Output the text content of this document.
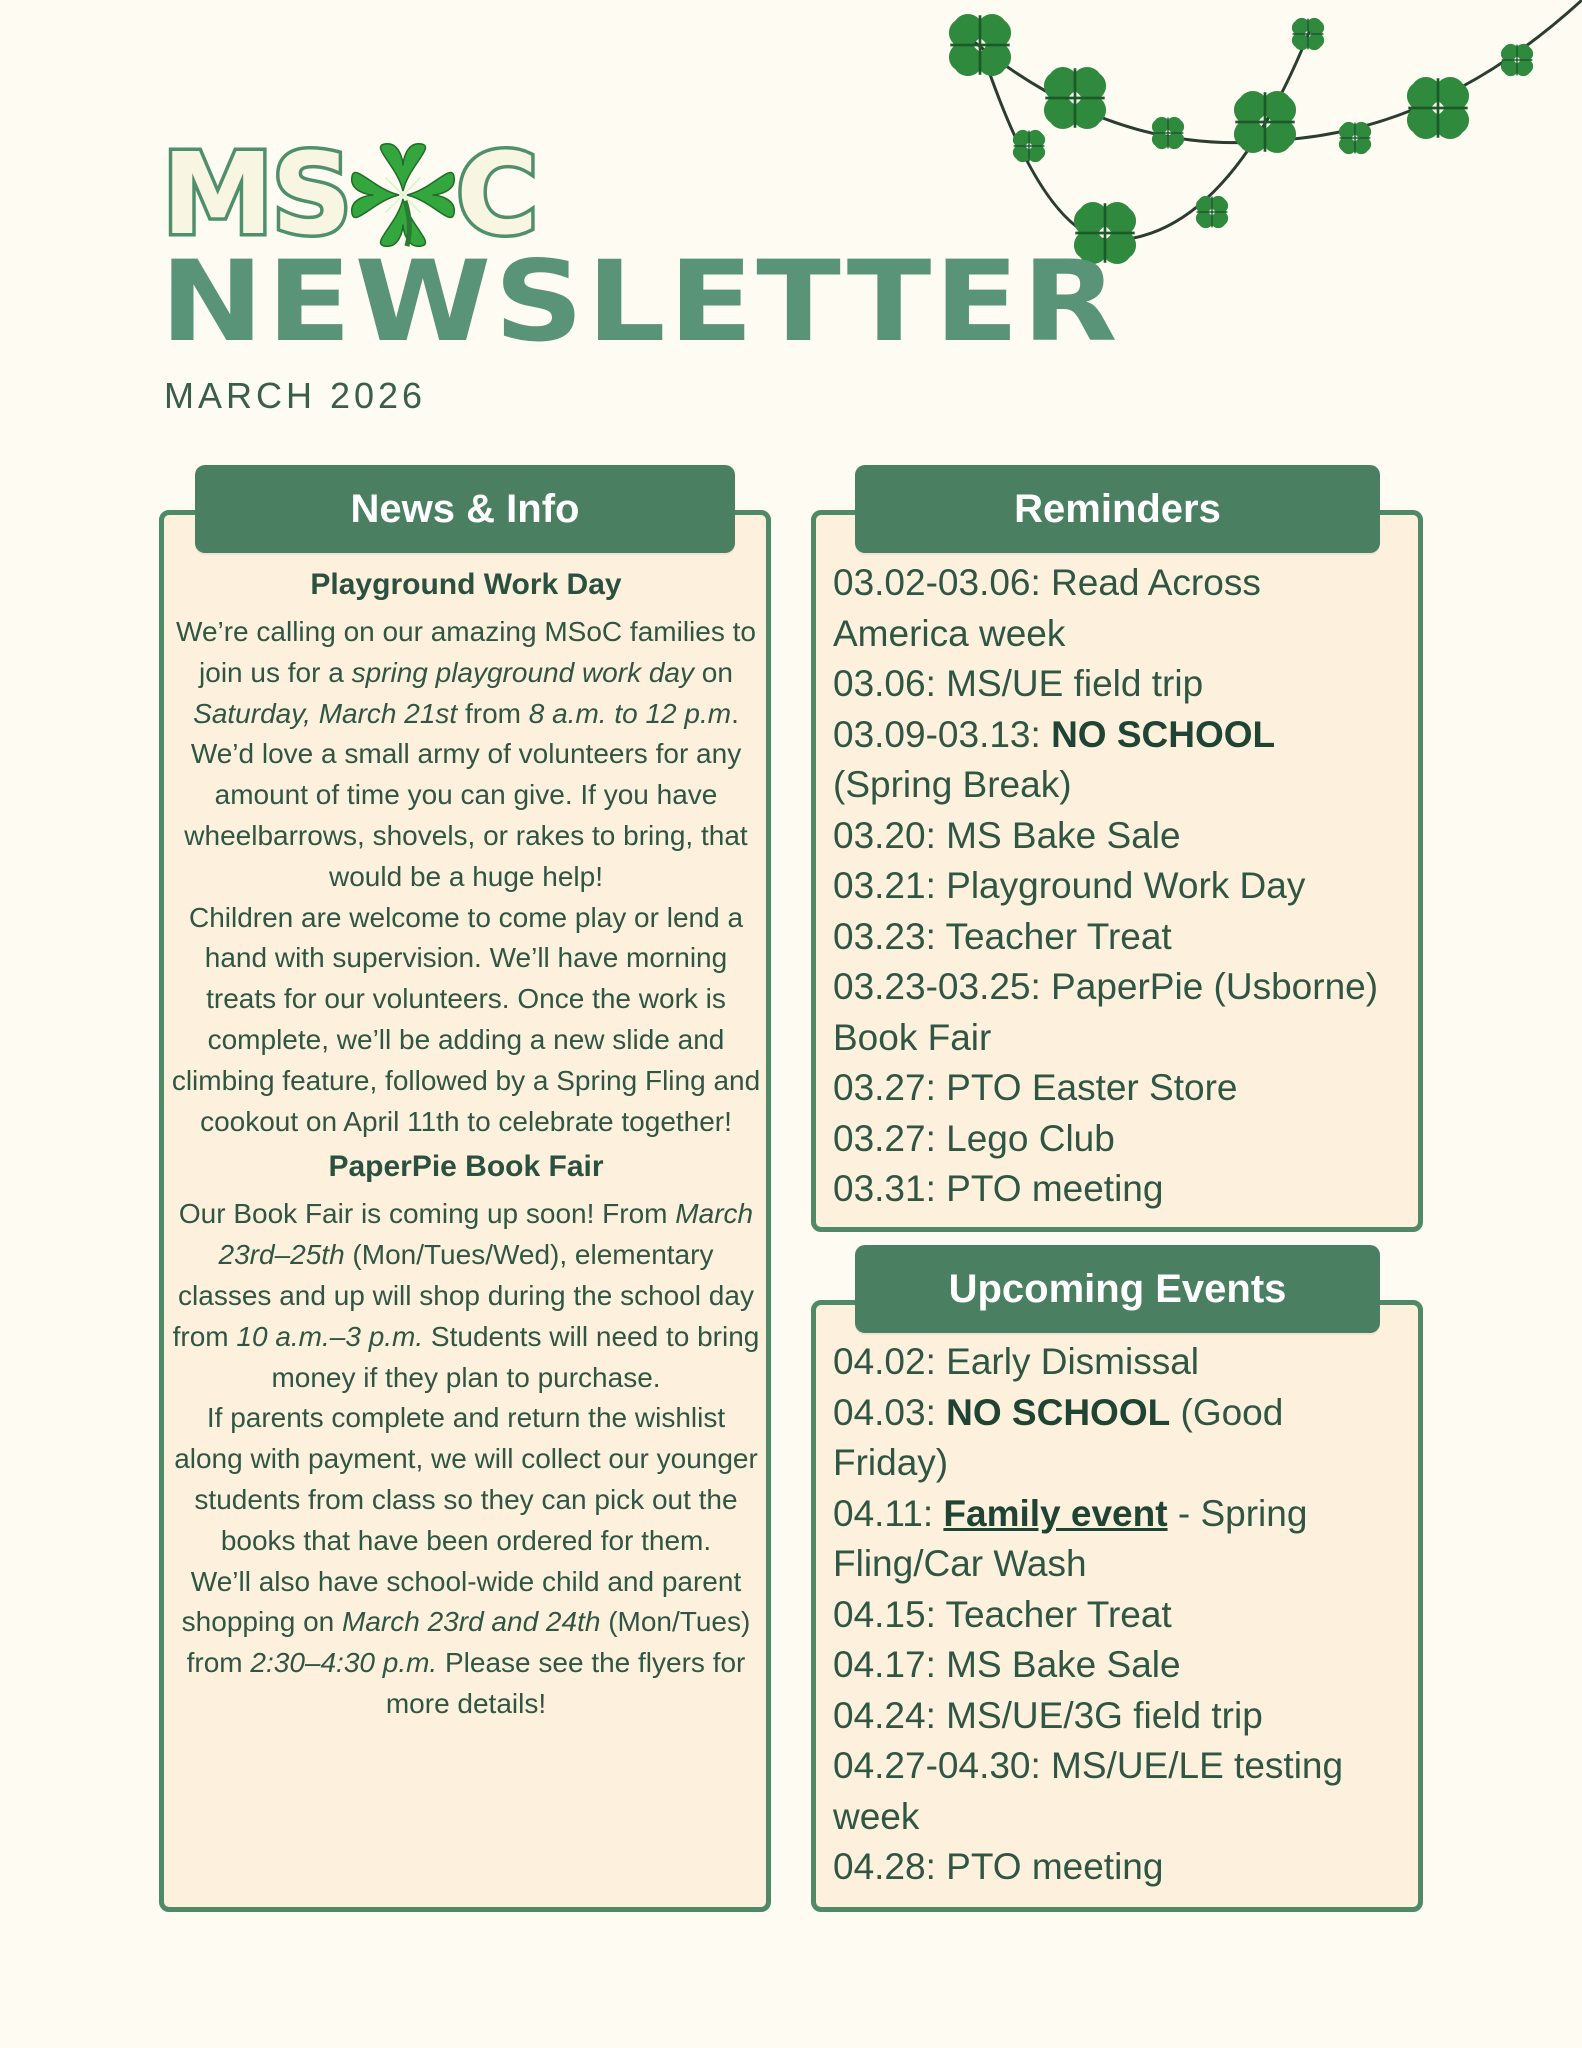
MS C
NEWSLETTER
MARCH 2026
News & Info
Playground Work Day

We’re calling on our amazing MSoC families to join us for a spring playground work day on Saturday, March 21st from 8 a.m. to 12 p.m. We’d love a small army of volunteers for any amount of time you can give. If you have wheelbarrows, shovels, or rakes to bring, that would be a huge help!

Children are welcome to come play or lend a hand with supervision. We’ll have morning treats for our volunteers. Once the work is complete, we’ll be adding a new slide and climbing feature, followed by a Spring Fling and cookout on April 11th to celebrate together!

PaperPie Book Fair

Our Book Fair is coming up soon! From March 23rd–25th (Mon/Tues/Wed), elementary classes and up will shop during the school day from 10 a.m.–3 p.m. Students will need to bring money if they plan to purchase.

If parents complete and return the wishlist along with payment, we will collect our younger students from class so they can pick out the books that have been ordered for them.

We’ll also have school-wide child and parent shopping on March 23rd and 24th (Mon/Tues) from 2:30–4:30 p.m. Please see the flyers for more details!

Reminders
03.02-03.06: Read Across America week
03.06: MS/UE field trip
03.09-03.13: NO SCHOOL (Spring Break)
03.20: MS Bake Sale
03.21: Playground Work Day
03.23: Teacher Treat
03.23-03.25: PaperPie (Usborne) Book Fair
03.27: PTO Easter Store
03.27: Lego Club
03.31: PTO meeting
Upcoming Events
04.02: Early Dismissal
04.03: NO SCHOOL (Good Friday)
04.11: Family event - Spring Fling/Car Wash
04.15: Teacher Treat
04.17: MS Bake Sale
04.24: MS/UE/3G field trip
04.27-04.30: MS/UE/LE testing week
04.28: PTO meeting
